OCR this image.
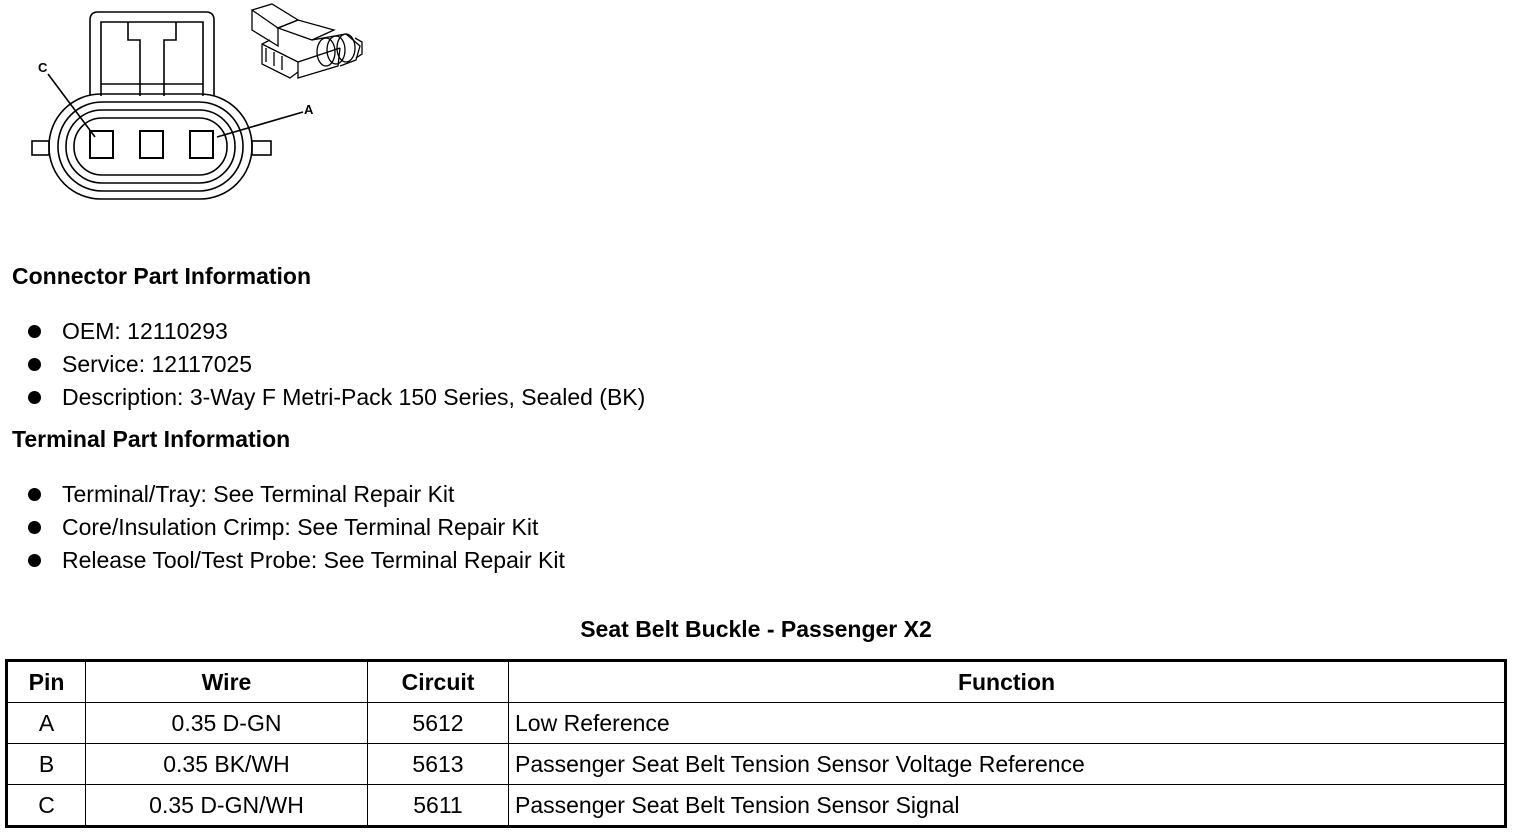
C
A
Connector Part Information
OEM: 12110293
Service: 12117025
Description: 3-Way F Metri-Pack 150 Series, Sealed (BK)
Terminal Part Information
Terminal/Tray: See Terminal Repair Kit
Core/Insulation Crimp: See Terminal Repair Kit
Release Tool/Test Probe: See Terminal Repair Kit
Seat Belt Buckle - Passenger X2
Pin	Wire	Circuit	Function
A	0.35 D-GN	5612	Low Reference
B	0.35 BK/WH	5613	Passenger Seat Belt Tension Sensor Voltage Reference
C	0.35 D-GN/WH	5611	Passenger Seat Belt Tension Sensor Signal
